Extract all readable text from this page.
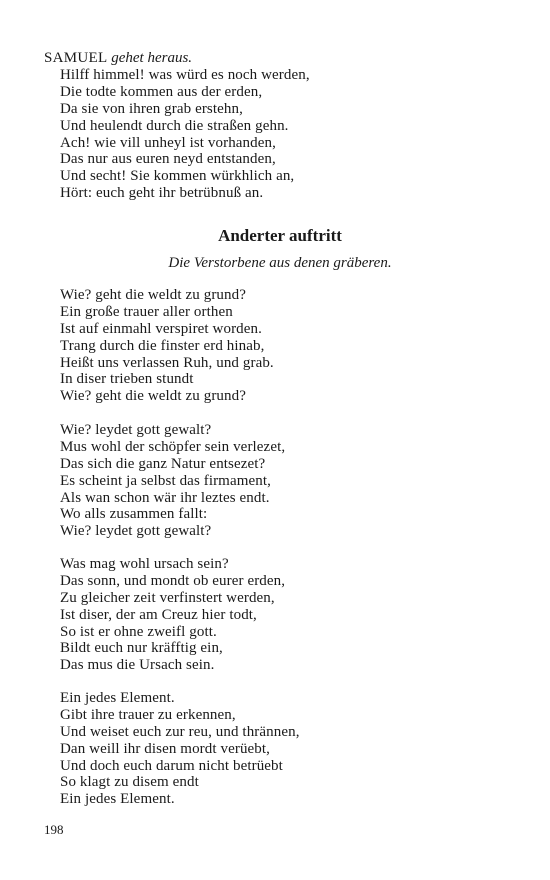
SAMUEL gehet heraus.
Hilff himmel! was würd es noch werden,
Die todte kommen aus der erden,
Da sie von ihren grab erstehn,
Und heulendt durch die straßen gehn.
Ach! wie vill unheyl ist vorhanden,
Das nur aus euren neyd entstanden,
Und secht! Sie kommen würkhlich an,
Hört: euch geht ihr betrübnuß an.
Anderter auftritt
Die Verstorbene aus denen gräberen.
Wie? geht die weldt zu grund?
Ein große trauer aller orthen
Ist auf einmahl verspiret worden.
Trang durch die finster erd hinab,
Heißt uns verlassen Ruh, und grab.
In diser trieben stundt
Wie? geht die weldt zu grund?
Wie? leydet gott gewalt?
Mus wohl der schöpfer sein verlezet,
Das sich die ganz Natur entsezet?
Es scheint ja selbst das firmament,
Als wan schon wär ihr leztes endt.
Wo alls zusammen fallt:
Wie? leydet gott gewalt?
Was mag wohl ursach sein?
Das sonn, und mondt ob eurer erden,
Zu gleicher zeit verfinstert werden,
Ist diser, der am Creuz hier todt,
So ist er ohne zweifl gott.
Bildt euch nur kräfftig ein,
Das mus die Ursach sein.
Ein jedes Element.
Gibt ihre trauer zu erkennen,
Und weiset euch zur reu, und thrännen,
Dan weill ihr disen mordt verüebt,
Und doch euch darum nicht betrüebt
So klagt zu disem endt
Ein jedes Element.
198
